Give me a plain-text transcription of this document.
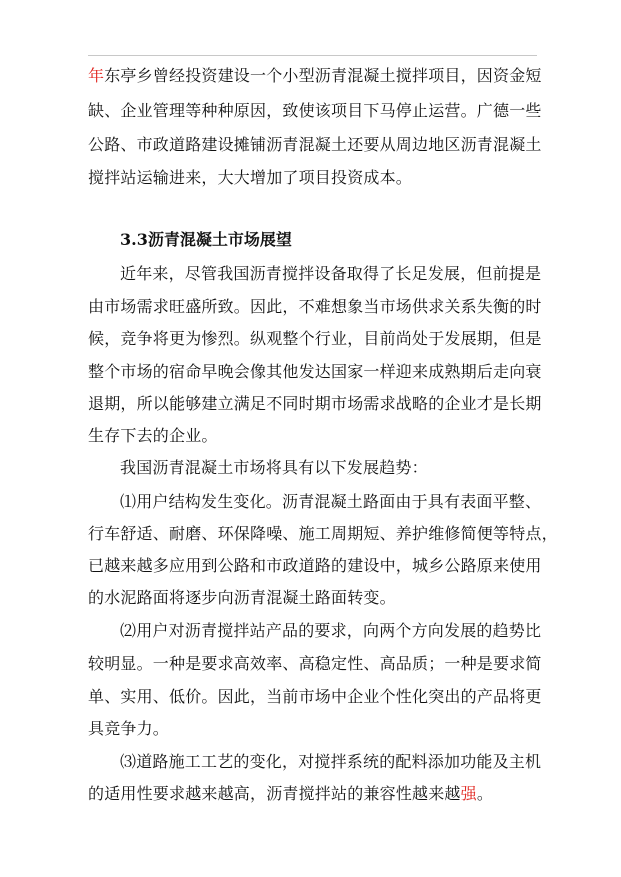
年东亭乡曾经投资建设一个小型沥青混凝土搅拌项目，因资金短
缺、企业管理等种种原因，致使该项目下马停止运营。广德一些
公路、市政道路建设摊铺沥青混凝土还要从周边地区沥青混凝土
搅拌站运输进来，大大增加了项目投资成本。
3.3沥青混凝土市场展望
近年来，尽管我国沥青搅拌设备取得了长足发展，但前提是
由市场需求旺盛所致。因此，不难想象当市场供求关系失衡的时
候，竞争将更为惨烈。纵观整个行业，目前尚处于发展期，但是
整个市场的宿命早晚会像其他发达国家一样迎来成熟期后走向衰
退期，所以能够建立满足不同时期市场需求战略的企业才是长期
生存下去的企业。
我国沥青混凝土市场将具有以下发展趋势：
⑴用户结构发生变化。沥青混凝土路面由于具有表面平整、
行车舒适、耐磨、环保降噪、施工周期短、养护维修简便等特点，
已越来越多应用到公路和市政道路的建设中，城乡公路原来使用
的水泥路面将逐步向沥青混凝土路面转变。
⑵用户对沥青搅拌站产品的要求，向两个方向发展的趋势比
较明显。一种是要求高效率、高稳定性、高品质；一种是要求简
单、实用、低价。因此，当前市场中企业个性化突出的产品将更
具竞争力。
⑶道路施工工艺的变化，对搅拌系统的配料添加功能及主机
的适用性要求越来越高，沥青搅拌站的兼容性越来越强。
